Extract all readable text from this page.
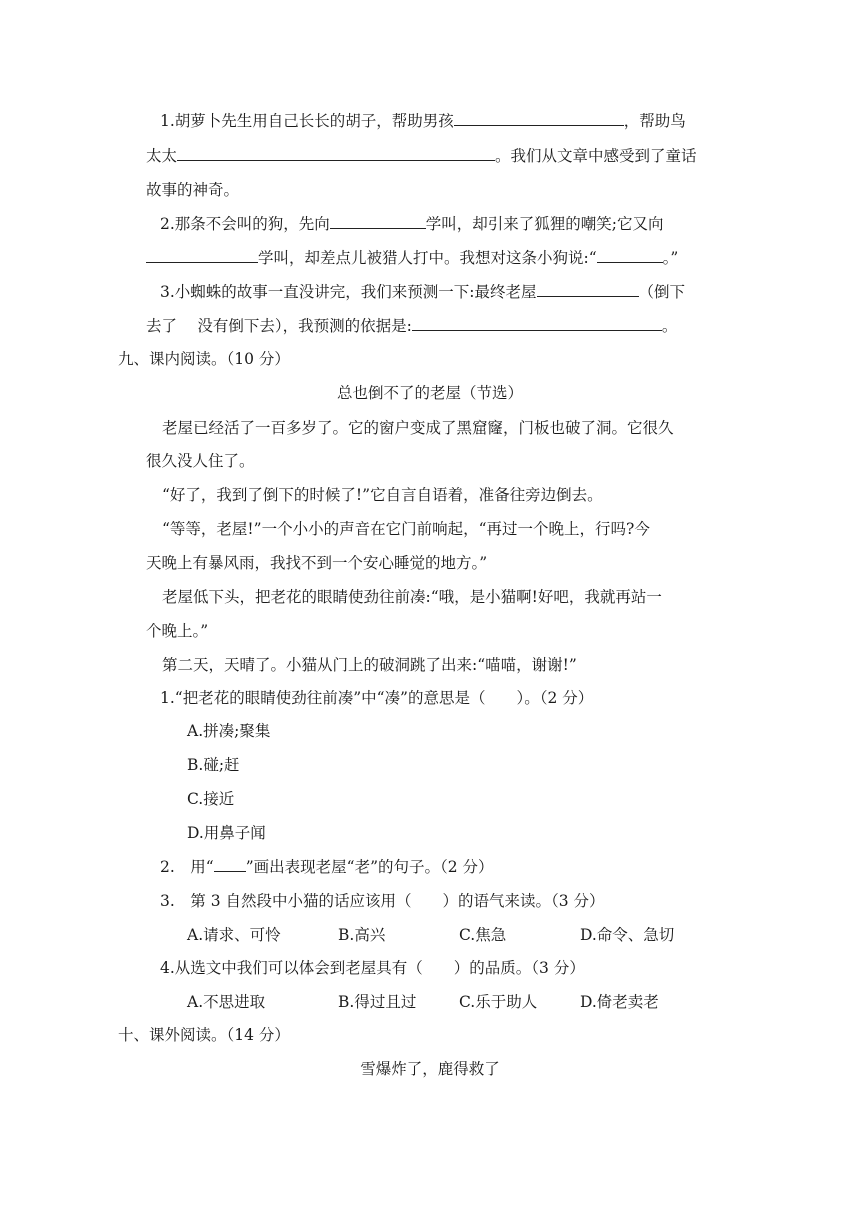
1.胡萝卜先生用自己长长的胡子，帮助男孩	，帮助鸟
太太	。我们从文章中感受到了童话
故事的神奇。
2.那条不会叫的狗，先向	学叫，却引来了狐狸的嘲笑;它又向
学叫，却差点儿被猎人打中。我想对这条小狗说:“	。”
3.小蜘蛛的故事一直没讲完，我们来预测一下:最终老屋	（倒下
去了　 没有倒下去），我预测的依据是:	。
九、课内阅读。（10 分）
总也倒不了的老屋（节选）
老屋已经活了一百多岁了。它的窗户变成了黑窟窿，门板也破了洞。它很久
很久没人住了。
“好了，我到了倒下的时候了!”它自言自语着，准备往旁边倒去。
“等等，老屋!”一个小小的声音在它门前响起，“再过一个晚上，行吗?今
天晚上有暴风雨，我找不到一个安心睡觉的地方。”
老屋低下头，把老花的眼睛使劲往前凑:“哦，是小猫啊!好吧，我就再站一
个晚上。”
第二天，天晴了。小猫从门上的破洞跳了出来:“喵喵，谢谢!”
1.“把老花的眼睛使劲往前凑”中“凑”的意思是（　　）。（2 分）
A.拼凑;聚集
B.碰;赶
C.接近
D.用鼻子闻
2.　用“ ”画出表现老屋“老”的句子。（2 分）
3.　第 3 自然段中小猫的话应该用（　　）的语气来读。（3 分）
A.请求、可怜	B.高兴	C.焦急	D.命令、急切
4.从选文中我们可以体会到老屋具有（　　）的品质。（3 分）
A.不思进取	B.得过且过	C.乐于助人	D.倚老卖老
十、课外阅读。（14 分）
雪爆炸了，鹿得救了
